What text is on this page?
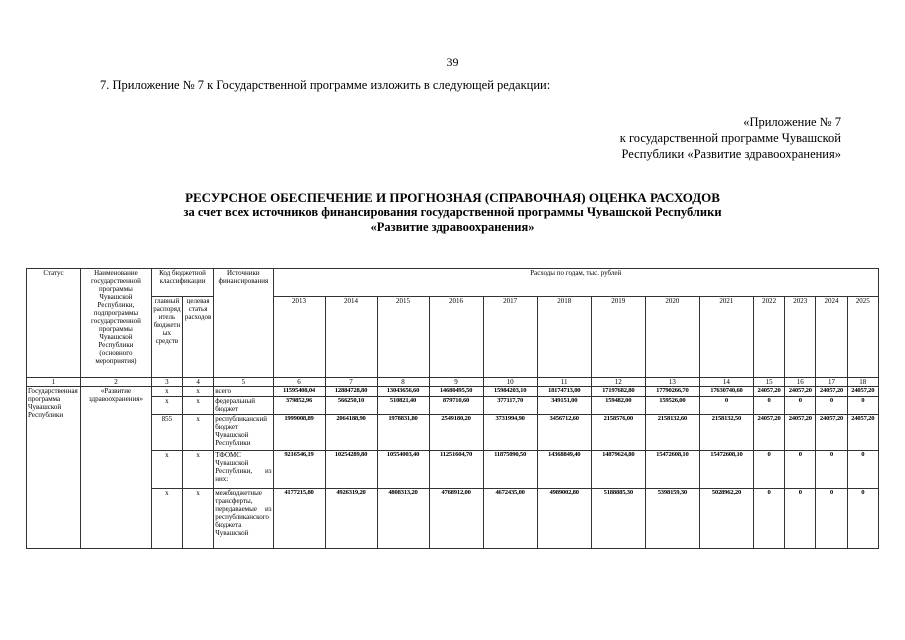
39
7. Приложение № 7 к Государственной программе изложить в следующей редакции:
«Приложение № 7
к государственной программе Чувашской
Республики «Развитие здравоохранения»
РЕСУРСНОЕ ОБЕСПЕЧЕНИЕ И ПРОГНОЗНАЯ (СПРАВОЧНАЯ) ОЦЕНКА РАСХОДОВ
за счет всех источников финансирования государственной программы Чувашской Республики
«Развитие здравоохранения»
Статус	Наименование государственной программы Чувашской Республики, подпрограммы государственной программы Чувашской Республики (основного мероприятия)	Код бюджетной классификации		Источники финансирования	Расходы по годам, тыс. рублей												
		главный распорядитель бюджетных средств	целевая статья расходов		2013	2014	2015	2016	2017	2018	2019	2020	2021	2022	2023	2024	2025
1	2	3	4	5	6	7	8	9	10	11	12	13	14	15	16	17	18
Государственная программа Чувашской Республики	«Развитие здравоохранения»	x	x	всего	11595408,04	12884728,80	13043656,60	14680495,50	15984203,10	18174713,00	17197682,80	17790266,70	17630740,60	24057,20	24057,20	24057,20	24057,20
		x	x	федеральный бюджет	379852,96	566250,10	510821,40	879710,60	377117,70	349151,00	159482,00	159526,00	0	0	0	0	0
		855	x	республиканский бюджет Чувашской Республики	1999008,89	2064188,90	1978831,80	2549180,20	3731994,90	3456712,60	2158576,00	2158132,60	2158132,50	24057,20	24057,20	24057,20	24057,20
		x	x	ТФОМС Чувашской Республики, из них:	9216546,19	10254289,80	10554003,40	11251604,70	11875090,50	14368849,40	14879624,80	15472608,10	15472608,10	0	0	0	0
		x	x	межбюджетные трансферты, передаваемые из республиканского бюджета Чувашской	4177215,80	4926319,20	4808313,20	4768912,00	4672435,00	4989002,80	5188885,30	5398159,30	5028962,20	0	0	0	0
